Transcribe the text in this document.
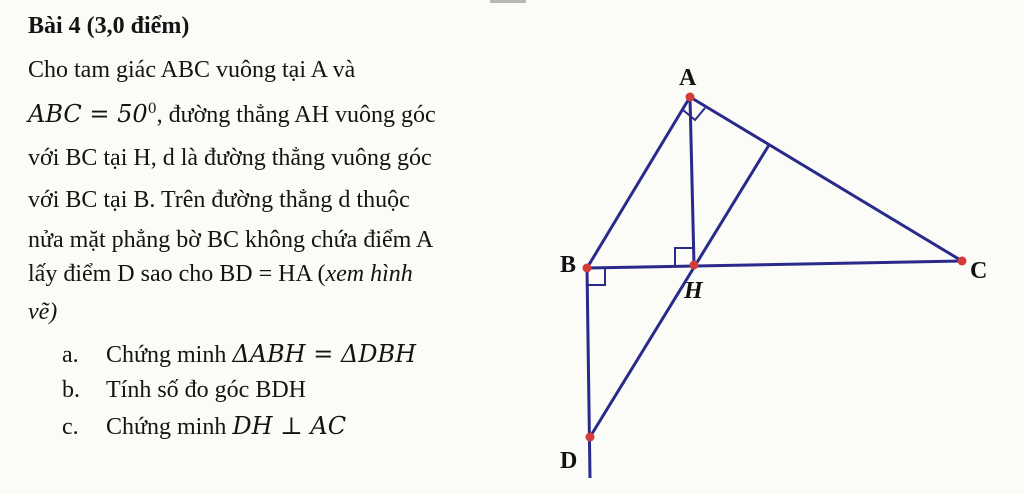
Bài 4 (3,0 điểm)
Cho tam giác ABC vuông tại A và
ABC = $50^0$, đường thẳng AH vuông góc
với BC tại H, d là đường thẳng vuông góc
với BC tại B. Trên đường thẳng d thuộc
nửa mặt phẳng bờ BC không chứa điểm A
lấy điểm D sao cho BD = HA (xem hình
vẽ)
a. Chứng minh ΔABH = ΔDBH
b. Tính số đo góc BDH
c. Chứng minh DH ⊥ AC
A
B	C
H
D
